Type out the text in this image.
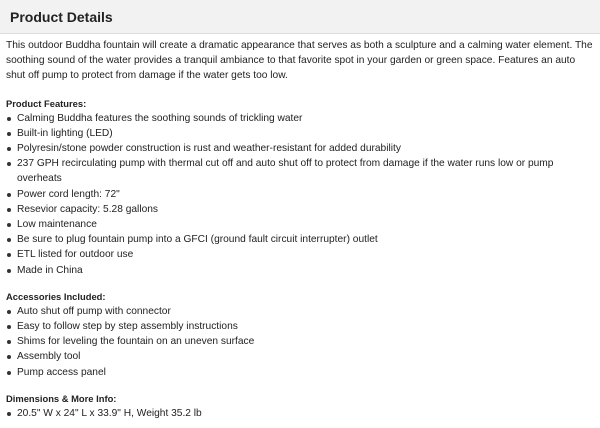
Product Details

This outdoor Buddha fountain will create a dramatic appearance that serves as both a sculpture and a calming water element. The soothing sound of the water provides a tranquil ambiance to that favorite spot in your garden or green space. Features an auto shut off pump to protect from damage if the water gets too low.

Product Features:
Calming Buddha features the soothing sounds of trickling water
Built-in lighting (LED)
Polyresin/stone powder construction is rust and weather-resistant for added durability
237 GPH recirculating pump with thermal cut off and auto shut off to protect from damage if the water runs low or pump overheats
Power cord length: 72"
Resevior capacity: 5.28 gallons
Low maintenance
Be sure to plug fountain pump into a GFCI (ground fault circuit interrupter) outlet
ETL listed for outdoor use
Made in China
Accessories Included:
Auto shut off pump with connector
Easy to follow step by step assembly instructions
Shims for leveling the fountain on an uneven surface
Assembly tool
Pump access panel
Dimensions & More Info:
20.5" W x 24" L x 33.9" H, Weight 35.2 lb
